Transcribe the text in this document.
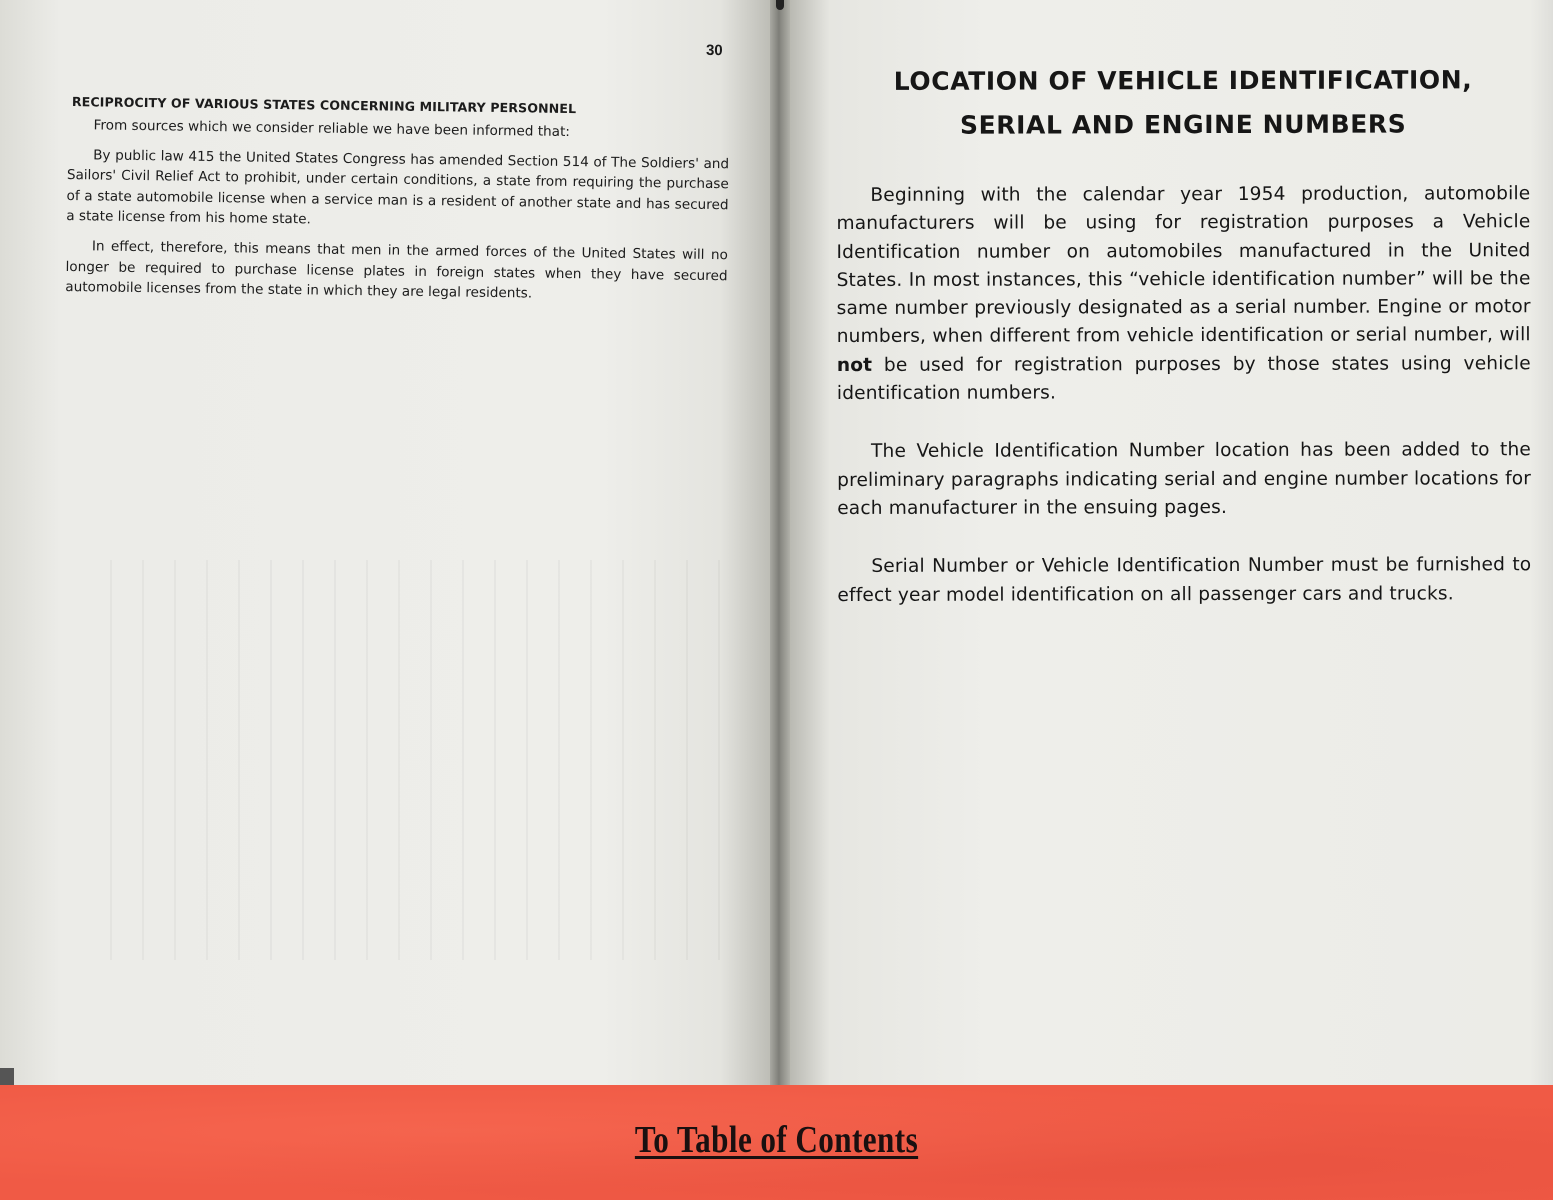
30
RECIPROCITY OF VARIOUS STATES CONCERNING MILITARY PERSONNEL

From sources which we consider reliable we have been informed that:

By public law 415 the United States Congress has amended Section 514 of The Soldiers' and Sailors' Civil Relief Act to prohibit, under certain conditions, a state from requiring the purchase of a state automobile license when a service man is a resident of another state and has secured a state license from his home state.

In effect, therefore, this means that men in the armed forces of the United States will no longer be required to purchase license plates in foreign states when they have secured automobile licenses from the state in which they are legal residents.

LOCATION OF VEHICLE IDENTIFICATION,
SERIAL AND ENGINE NUMBERS

Beginning with the calendar year 1954 production, automobile manufacturers will be using for registration purposes a Vehicle Identification number on automobiles manufactured in the United States. In most instances, this “vehicle identification number” will be the same number previously designated as a serial number. Engine or motor numbers, when different from vehicle identification or serial number, will not be used for registration purposes by those states using vehicle identification numbers.

The Vehicle Identification Number location has been added to the preliminary paragraphs indicating serial and engine number locations for each manufacturer in the ensuing pages.

Serial Number or Vehicle Identification Number must be furnished to effect year model identification on all passenger cars and trucks.

To Table of Contents
